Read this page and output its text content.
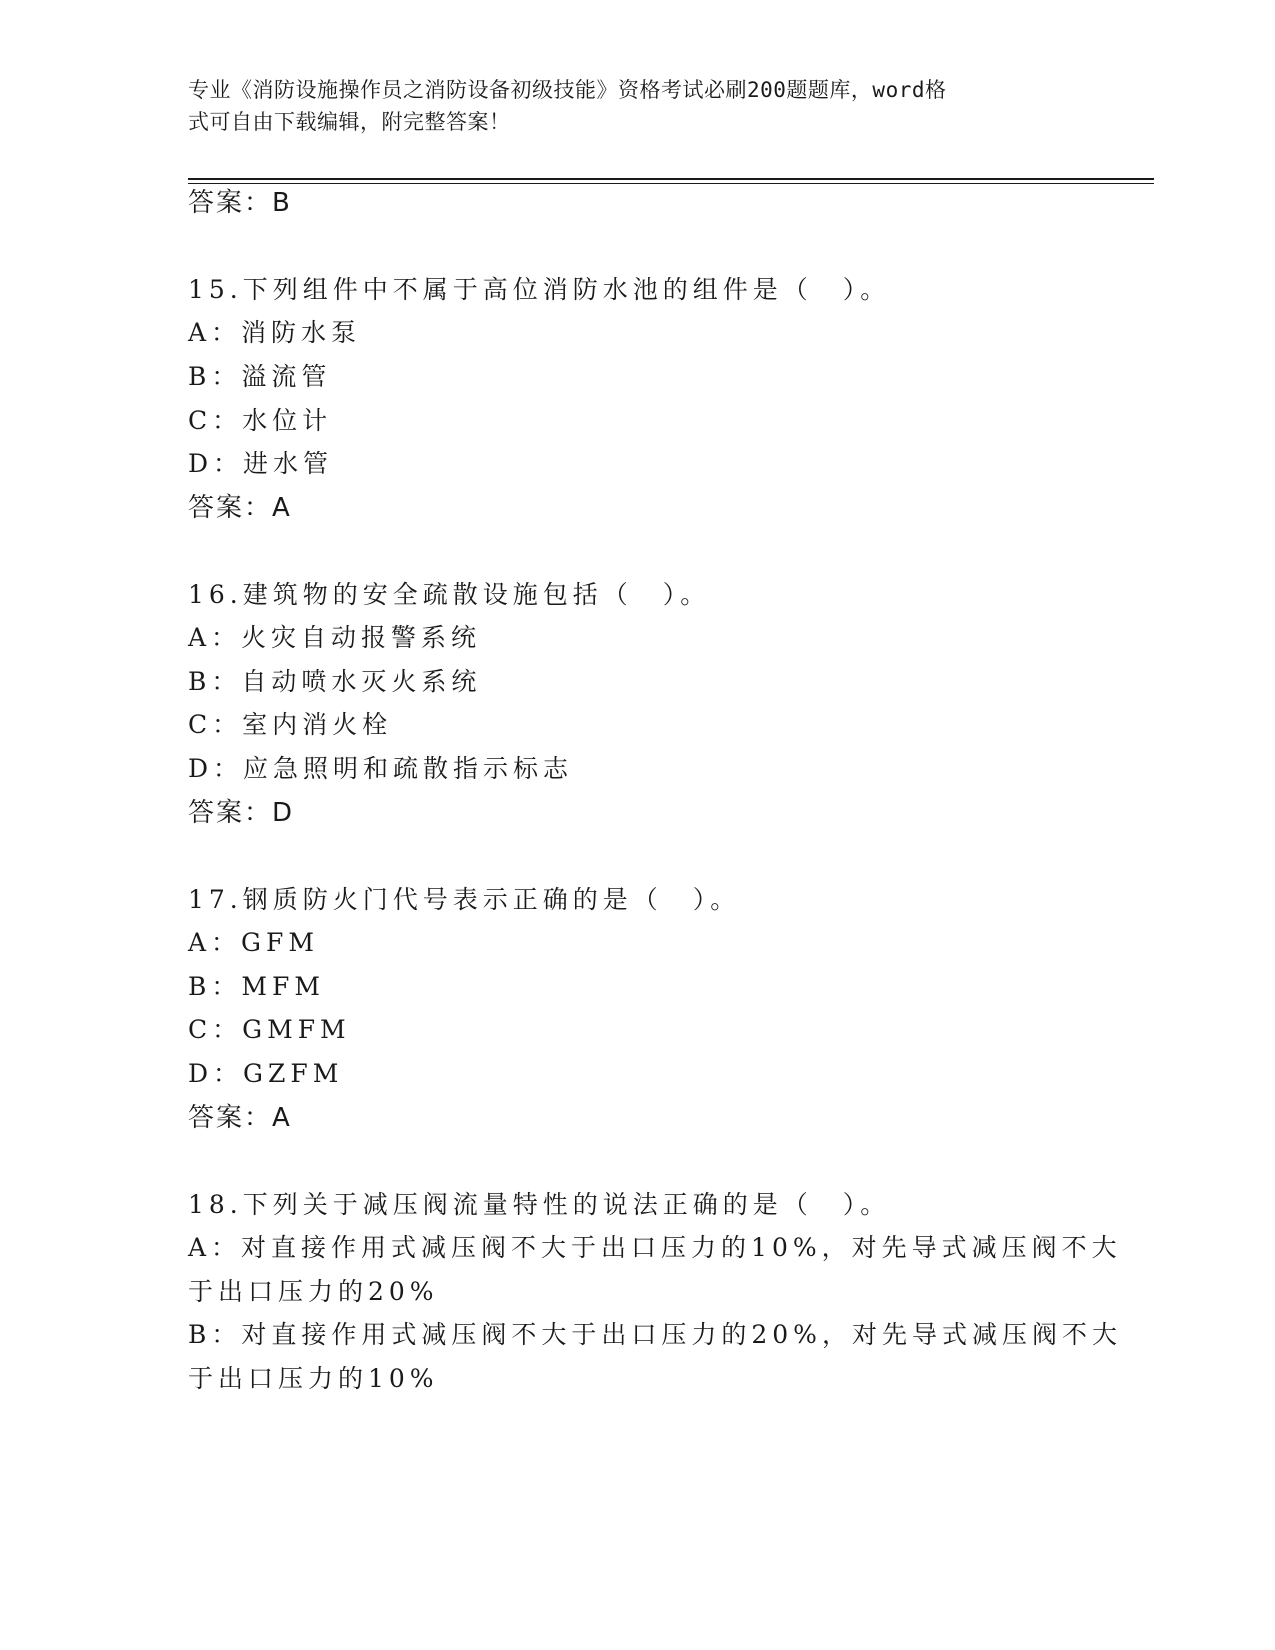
专业《消防设施操作员之消防设备初级技能》资格考试必刷200题题库，word格
式可自由下载编辑，附完整答案！
答案：B
15.下列组件中不属于高位消防水池的组件是（　）。
A：消防水泵
B：溢流管
C：水位计
D：进水管
答案：A
16.建筑物的安全疏散设施包括（　）。
A：火灾自动报警系统
B：自动喷水灭火系统
C：室内消火栓
D：应急照明和疏散指示标志
答案：D
17.钢质防火门代号表示正确的是（　）。
A：GFM
B：MFM
C：GMFM
D：GZFM
答案：A
18.下列关于减压阀流量特性的说法正确的是（　）。
A：对直接作用式减压阀不大于出口压力的10%，对先导式减压阀不大
于出口压力的20%
B：对直接作用式减压阀不大于出口压力的20%，对先导式减压阀不大
于出口压力的10%
